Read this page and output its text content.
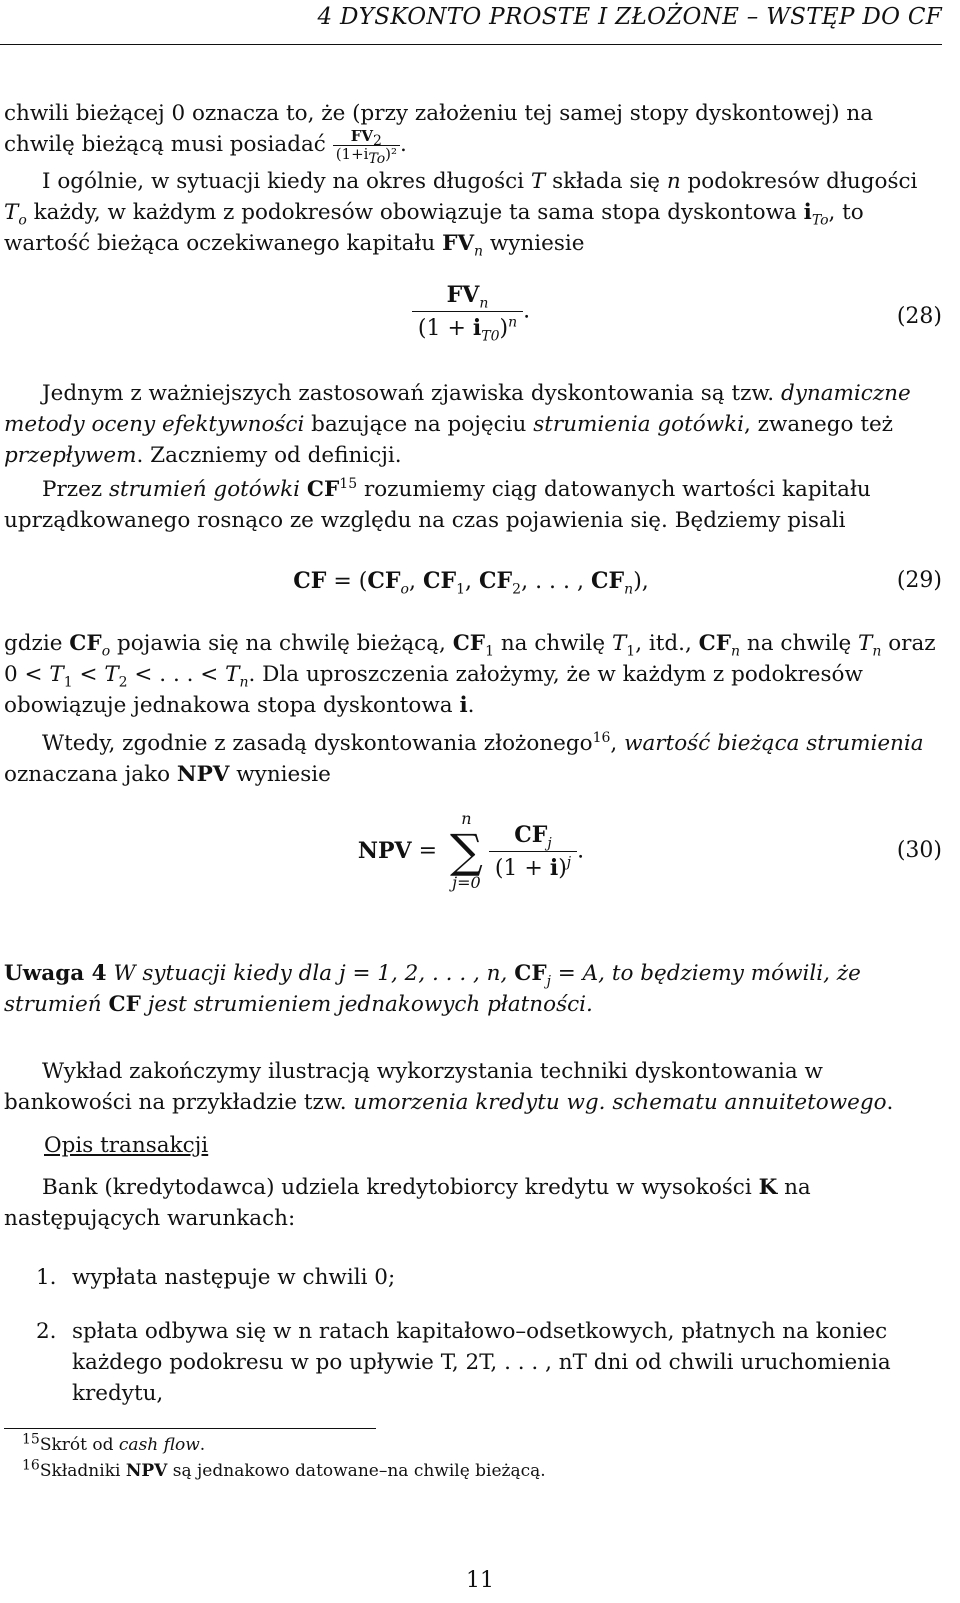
4 DYSKONTO PROSTE I ZŁOŻONE – WSTĘP DO CF
chwili bieżącej 0 oznacza to, że (przy założeniu tej samej stopy dyskontowej) na chwilę bieżącą musi posiadać $\frac{FV_2}{(1+i_{To})^2}$ .
I ogólnie, w sytuacji kiedy na okres długości T składa się n podokresów długości $T_o$ każdy, w każdym z podokresów obowiązuje ta sama stopa dyskontowa $i_{To}$, to wartość bieżąca oczekiwanego kapitału $FV_n$ wyniesie
$\frac{FV_n}{(1 + i_{T0})^n}$ .	(28)
Jednym z ważniejszych zastosowań zjawiska dyskontowania są tzw. dynamiczne metody oceny efektywności bazujące na pojęciu strumienia gotówki, zwanego też przepływem. Zaczniemy od definicji.
Przez strumień gotówki CF$^{15}$ rozumiemy ciąg datowanych wartości kapitału uprządkowanego rosnąco ze względu na czas pojawienia się. Będziemy pisali
CF = ($CF_o$, $CF_1$, $CF_2$, . . . , $CF_n$),	(29)
gdzie $CF_o$ pojawia się na chwilę bieżącą, $CF_1$ na chwilę $T_1$, itd., $CF_n$ na chwilę $T_n$ oraz $0 < T_1 < T_2$ < . . . < $T_n$. Dla uproszczenia założymy, że w każdym z podokresów obowiązuje jednakowa stopa dyskontowa i.
Wtedy, zgodnie z zasadą dyskontowania złożonego$^{16}$, wartość bieżąca strumienia oznaczana jako NPV wyniesie
NPV =
n
∑
j=0
$\frac{CF_j}{(1 + i)^j}$ .	(30)
Uwaga 4 W sytuacji kiedy dla j = 1, 2, . . . , n, $CF_j = A$, to będziemy mówili, że strumień CF jest strumieniem jednakowych płatności.
Wykład zakończymy ilustracją wykorzystania techniki dyskontowania w bankowości na przykładzie tzw. umorzenia kredytu wg. schematu annuitetowego.
Opis transakcji
Bank (kredytodawca) udziela kredytobiorcy kredytu w wysokości K na następujących warunkach:
1. wypłata następuje w chwili 0;
2. spłata odbywa się w n ratach kapitałowo–odsetkowych, płatnych na koniec każdego podokresu w po upływie T, 2T, . . . , nT dni od chwili uruchomienia kredytu,
$^{15}$Skrót od cash flow.
$^{16}$Składniki NPV są jednakowo datowane–na chwilę bieżącą.
11
